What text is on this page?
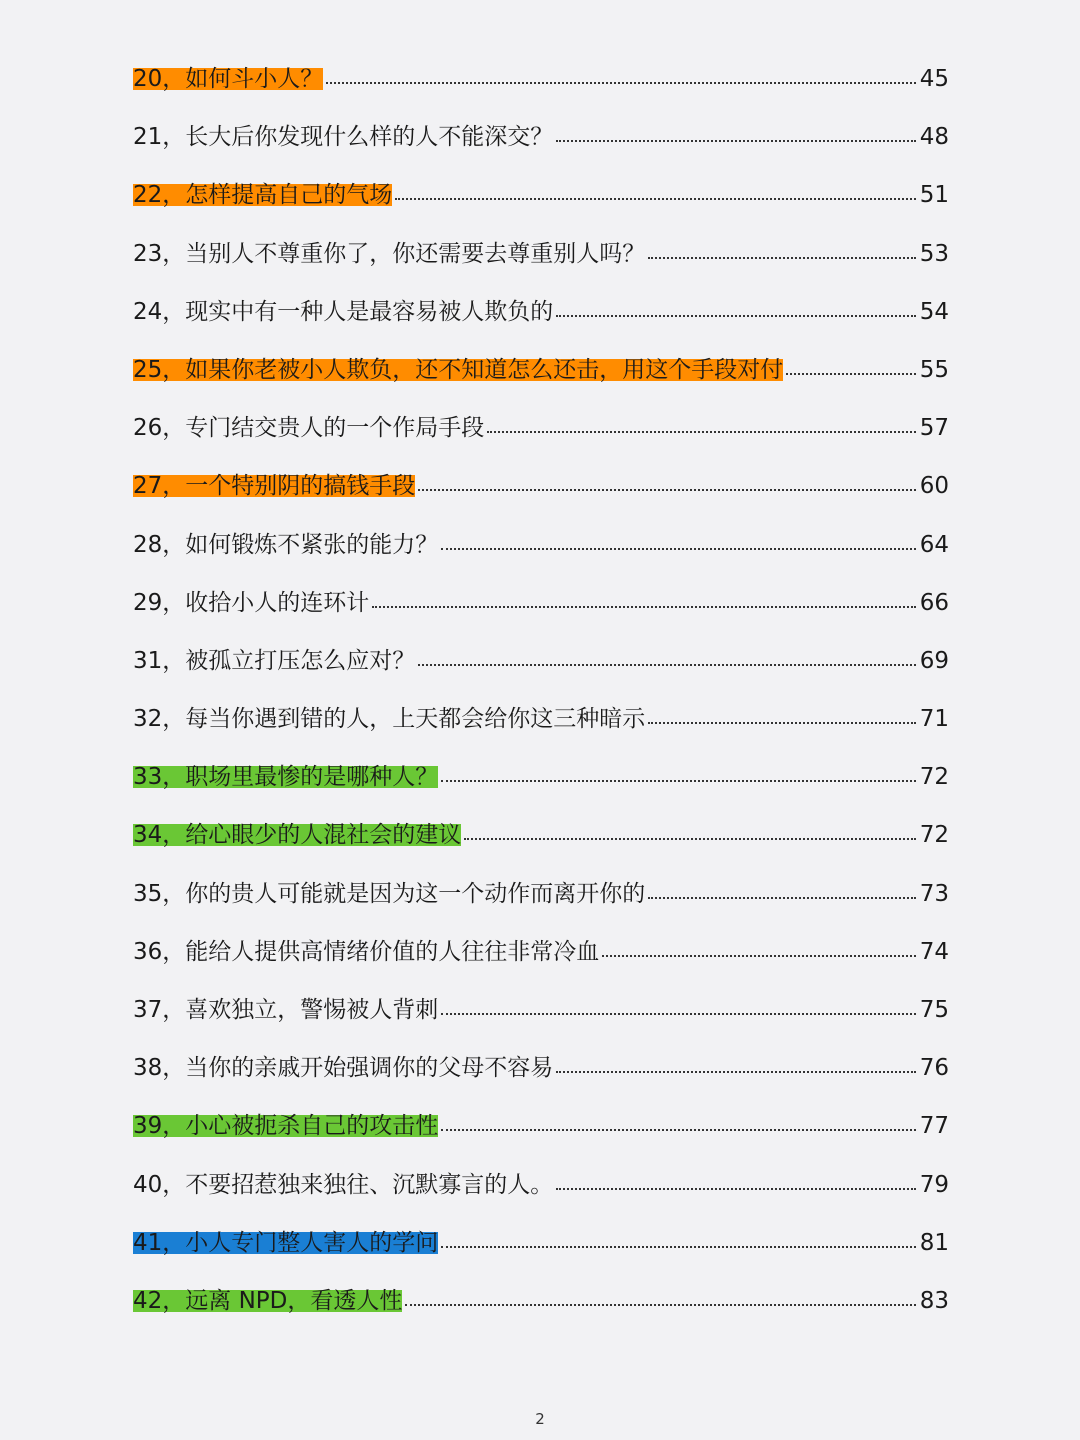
20，如何斗小人？	45
21，长大后你发现什么样的人不能深交？	48
22，怎样提高自己的气场	51
23，当别人不尊重你了，你还需要去尊重别人吗？	53
24，现实中有一种人是最容易被人欺负的	54
25，如果你老被小人欺负，还不知道怎么还击，用这个手段对付	55
26，专门结交贵人的一个作局手段	57
27，一个特别阴的搞钱手段	60
28，如何锻炼不紧张的能力？	64
29，收拾小人的连环计	66
31，被孤立打压怎么应对？	69
32，每当你遇到错的人，上天都会给你这三种暗示	71
33，职场里最惨的是哪种人？	72
34，给心眼少的人混社会的建议	72
35，你的贵人可能就是因为这一个动作而离开你的	73
36，能给人提供高情绪价值的人往往非常冷血	74
37，喜欢独立，警惕被人背刺	75
38，当你的亲戚开始强调你的父母不容易	76
39，小心被扼杀自己的攻击性	77
40，不要招惹独来独往、沉默寡言的人。	79
41，小人专门整人害人的学问	81
42，远离 NPD，看透人性	83
2
